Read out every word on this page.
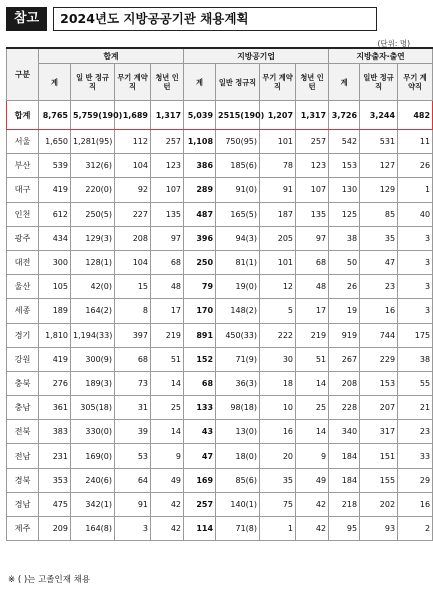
참고	2024년도 지방공공기관 채용계획
(단위: 명)
구분	합계				지방공기업				지방출자·출연		
	계	일 반 정규직	무기 계약직	청년 인턴	계	일반 정규직	무기 계약직	청년 인턴	계	일반 정규직	무기 계약직
합계	8,765	5,759(190)	1,689	1,317	5,039	2515(190)	1,207	1,317	3,726	3,244	482
서울	1,650	1,281(95)	112	257	1,108	750(95)	101	257	542	531	11
부산	539	312(6)	104	123	386	185(6)	78	123	153	127	26
대구	419	220(0)	92	107	289	91(0)	91	107	130	129	1
인천	612	250(5)	227	135	487	165(5)	187	135	125	85	40
광주	434	129(3)	208	97	396	94(3)	205	97	38	35	3
대전	300	128(1)	104	68	250	81(1)	101	68	50	47	3
울산	105	42(0)	15	48	79	19(0)	12	48	26	23	3
세종	189	164(2)	8	17	170	148(2)	5	17	19	16	3
경기	1,810	1,194(33)	397	219	891	450(33)	222	219	919	744	175
강원	419	300(9)	68	51	152	71(9)	30	51	267	229	38
충북	276	189(3)	73	14	68	36(3)	18	14	208	153	55
충남	361	305(18)	31	25	133	98(18)	10	25	228	207	21
전북	383	330(0)	39	14	43	13(0)	16	14	340	317	23
전남	231	169(0)	53	9	47	18(0)	20	9	184	151	33
경북	353	240(6)	64	49	169	85(6)	35	49	184	155	29
경남	475	342(1)	91	42	257	140(1)	75	42	218	202	16
제주	209	164(8)	3	42	114	71(8)	1	42	95	93	2
※ ( )는 고졸인재 채용
